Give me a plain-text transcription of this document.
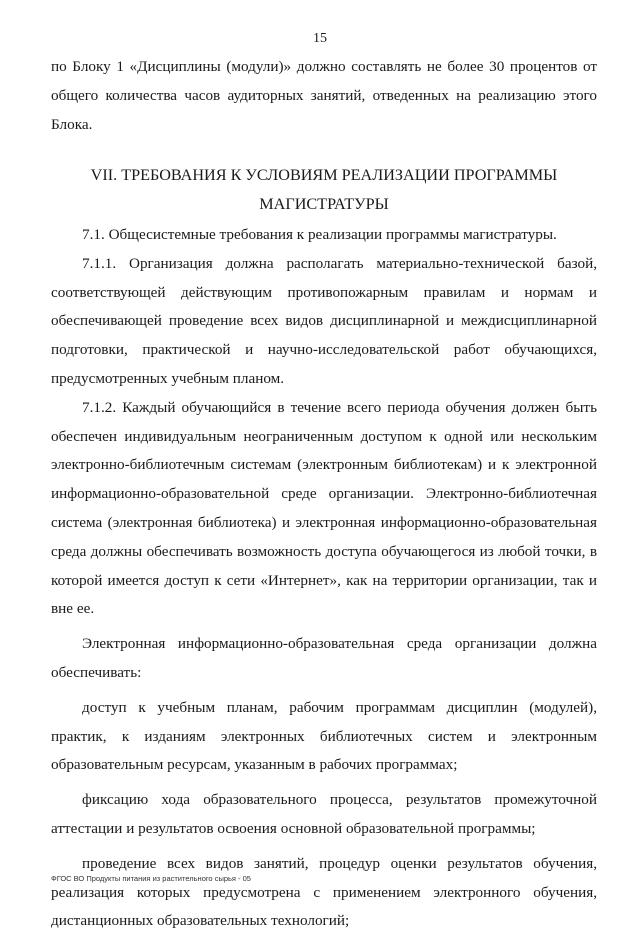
15

по Блоку 1 «Дисциплины (модули)» должно составлять не более 30 процентов от общего количества часов аудиторных занятий, отведенных на реализацию этого Блока.

VII. ТРЕБОВАНИЯ К УСЛОВИЯМ РЕАЛИЗАЦИИ ПРОГРАММЫ
МАГИСТРАТУРЫ

7.1. Общесистемные требования к реализации программы магистратуры.

7.1.1. Организация должна располагать материально-технической базой, соответствующей действующим противопожарным правилам и нормам и обеспечивающей проведение всех видов дисциплинарной и междисциплинарной подготовки, практической и научно-исследовательской работ обучающихся, предусмотренных учебным планом.

7.1.2. Каждый обучающийся в течение всего периода обучения должен быть обеспечен индивидуальным неограниченным доступом к одной или нескольким электронно-библиотечным системам (электронным библиотекам) и к электронной информационно-образовательной среде организации. Электронно-библиотечная система (электронная библиотека) и электронная информационно-образовательная среда должны обеспечивать возможность доступа обучающегося из любой точки, в которой имеется доступ к сети «Интернет», как на территории организации, так и вне ее.

Электронная информационно-образовательная среда организации должна обеспечивать:

доступ к учебным планам, рабочим программам дисциплин (модулей), практик, к изданиям электронных библиотечных систем и электронным образовательным ресурсам, указанным в рабочих программах;

фиксацию хода образовательного процесса, результатов промежуточной аттестации и результатов освоения основной образовательной программы;

проведение всех видов занятий, процедур оценки результатов обучения, реализация которых предусмотрена с применением электронного обучения, дистанционных образовательных технологий;

ФГОС ВО Продукты питания из растительного сырья - 05
